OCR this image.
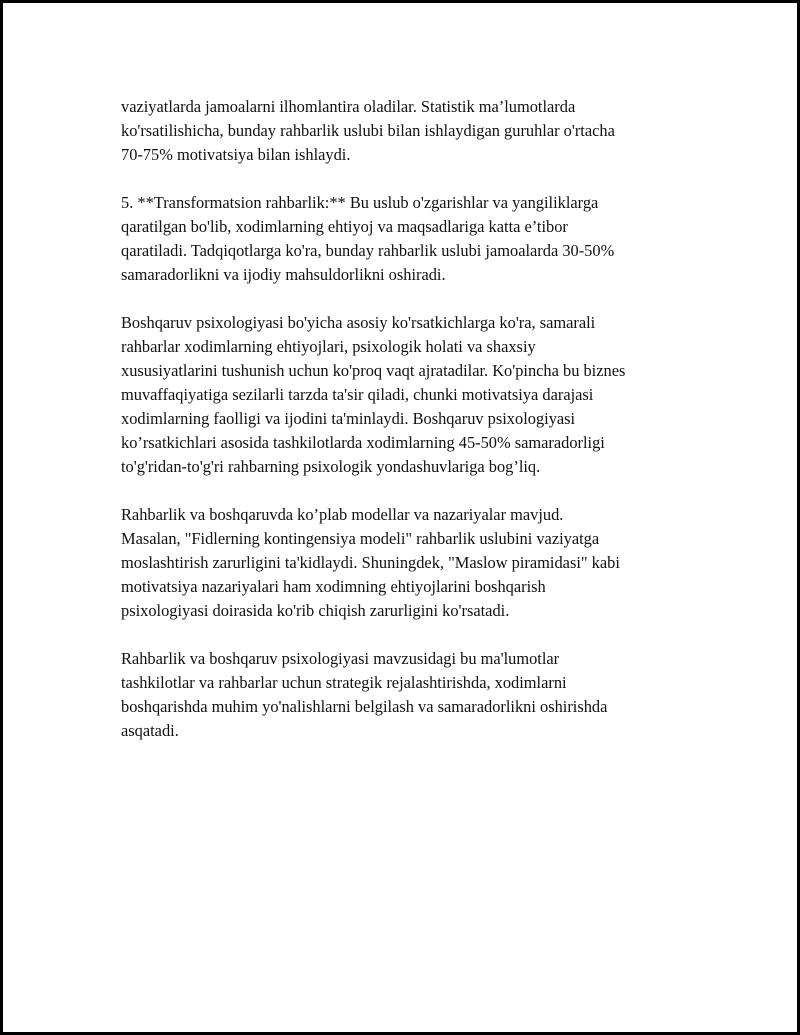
vaziyatlarda jamoalarni ilhomlantira oladilar. Statistik ma’lumotlarda
ko'rsatilishicha, bunday rahbarlik uslubi bilan ishlaydigan guruhlar o'rtacha
70-75% motivatsiya bilan ishlaydi.

5. **Transformatsion rahbarlik:** Bu uslub o'zgarishlar va yangiliklarga
qaratilgan bo'lib, xodimlarning ehtiyoj va maqsadlariga katta e’tibor
qaratiladi. Tadqiqotlarga ko'ra, bunday rahbarlik uslubi jamoalarda 30-50%
samaradorlikni va ijodiy mahsuldorlikni oshiradi.

Boshqaruv psixologiyasi bo'yicha asosiy ko'rsatkichlarga ko'ra, samarali
rahbarlar xodimlarning ehtiyojlari, psixologik holati va shaxsiy
xususiyatlarini tushunish uchun ko'proq vaqt ajratadilar. Ko'pincha bu biznes
muvaffaqiyatiga sezilarli tarzda ta'sir qiladi, chunki motivatsiya darajasi
xodimlarning faolligi va ijodini ta'minlaydi. Boshqaruv psixologiyasi
ko’rsatkichlari asosida tashkilotlarda xodimlarning 45-50% samaradorligi
to'g'ridan-to'g'ri rahbarning psixologik yondashuvlariga bog’liq.

Rahbarlik va boshqaruvda ko’plab modellar va nazariyalar mavjud.
Masalan, "Fidlerning kontingensiya modeli" rahbarlik uslubini vaziyatga
moslashtirish zarurligini ta'kidlaydi. Shuningdek, "Maslow piramidasi" kabi
motivatsiya nazariyalari ham xodimning ehtiyojlarini boshqarish
psixologiyasi doirasida ko'rib chiqish zarurligini ko'rsatadi.

Rahbarlik va boshqaruv psixologiyasi mavzusidagi bu ma'lumotlar
tashkilotlar va rahbarlar uchun strategik rejalashtirishda, xodimlarni
boshqarishda muhim yo'nalishlarni belgilash va samaradorlikni oshirishda
asqatadi.
